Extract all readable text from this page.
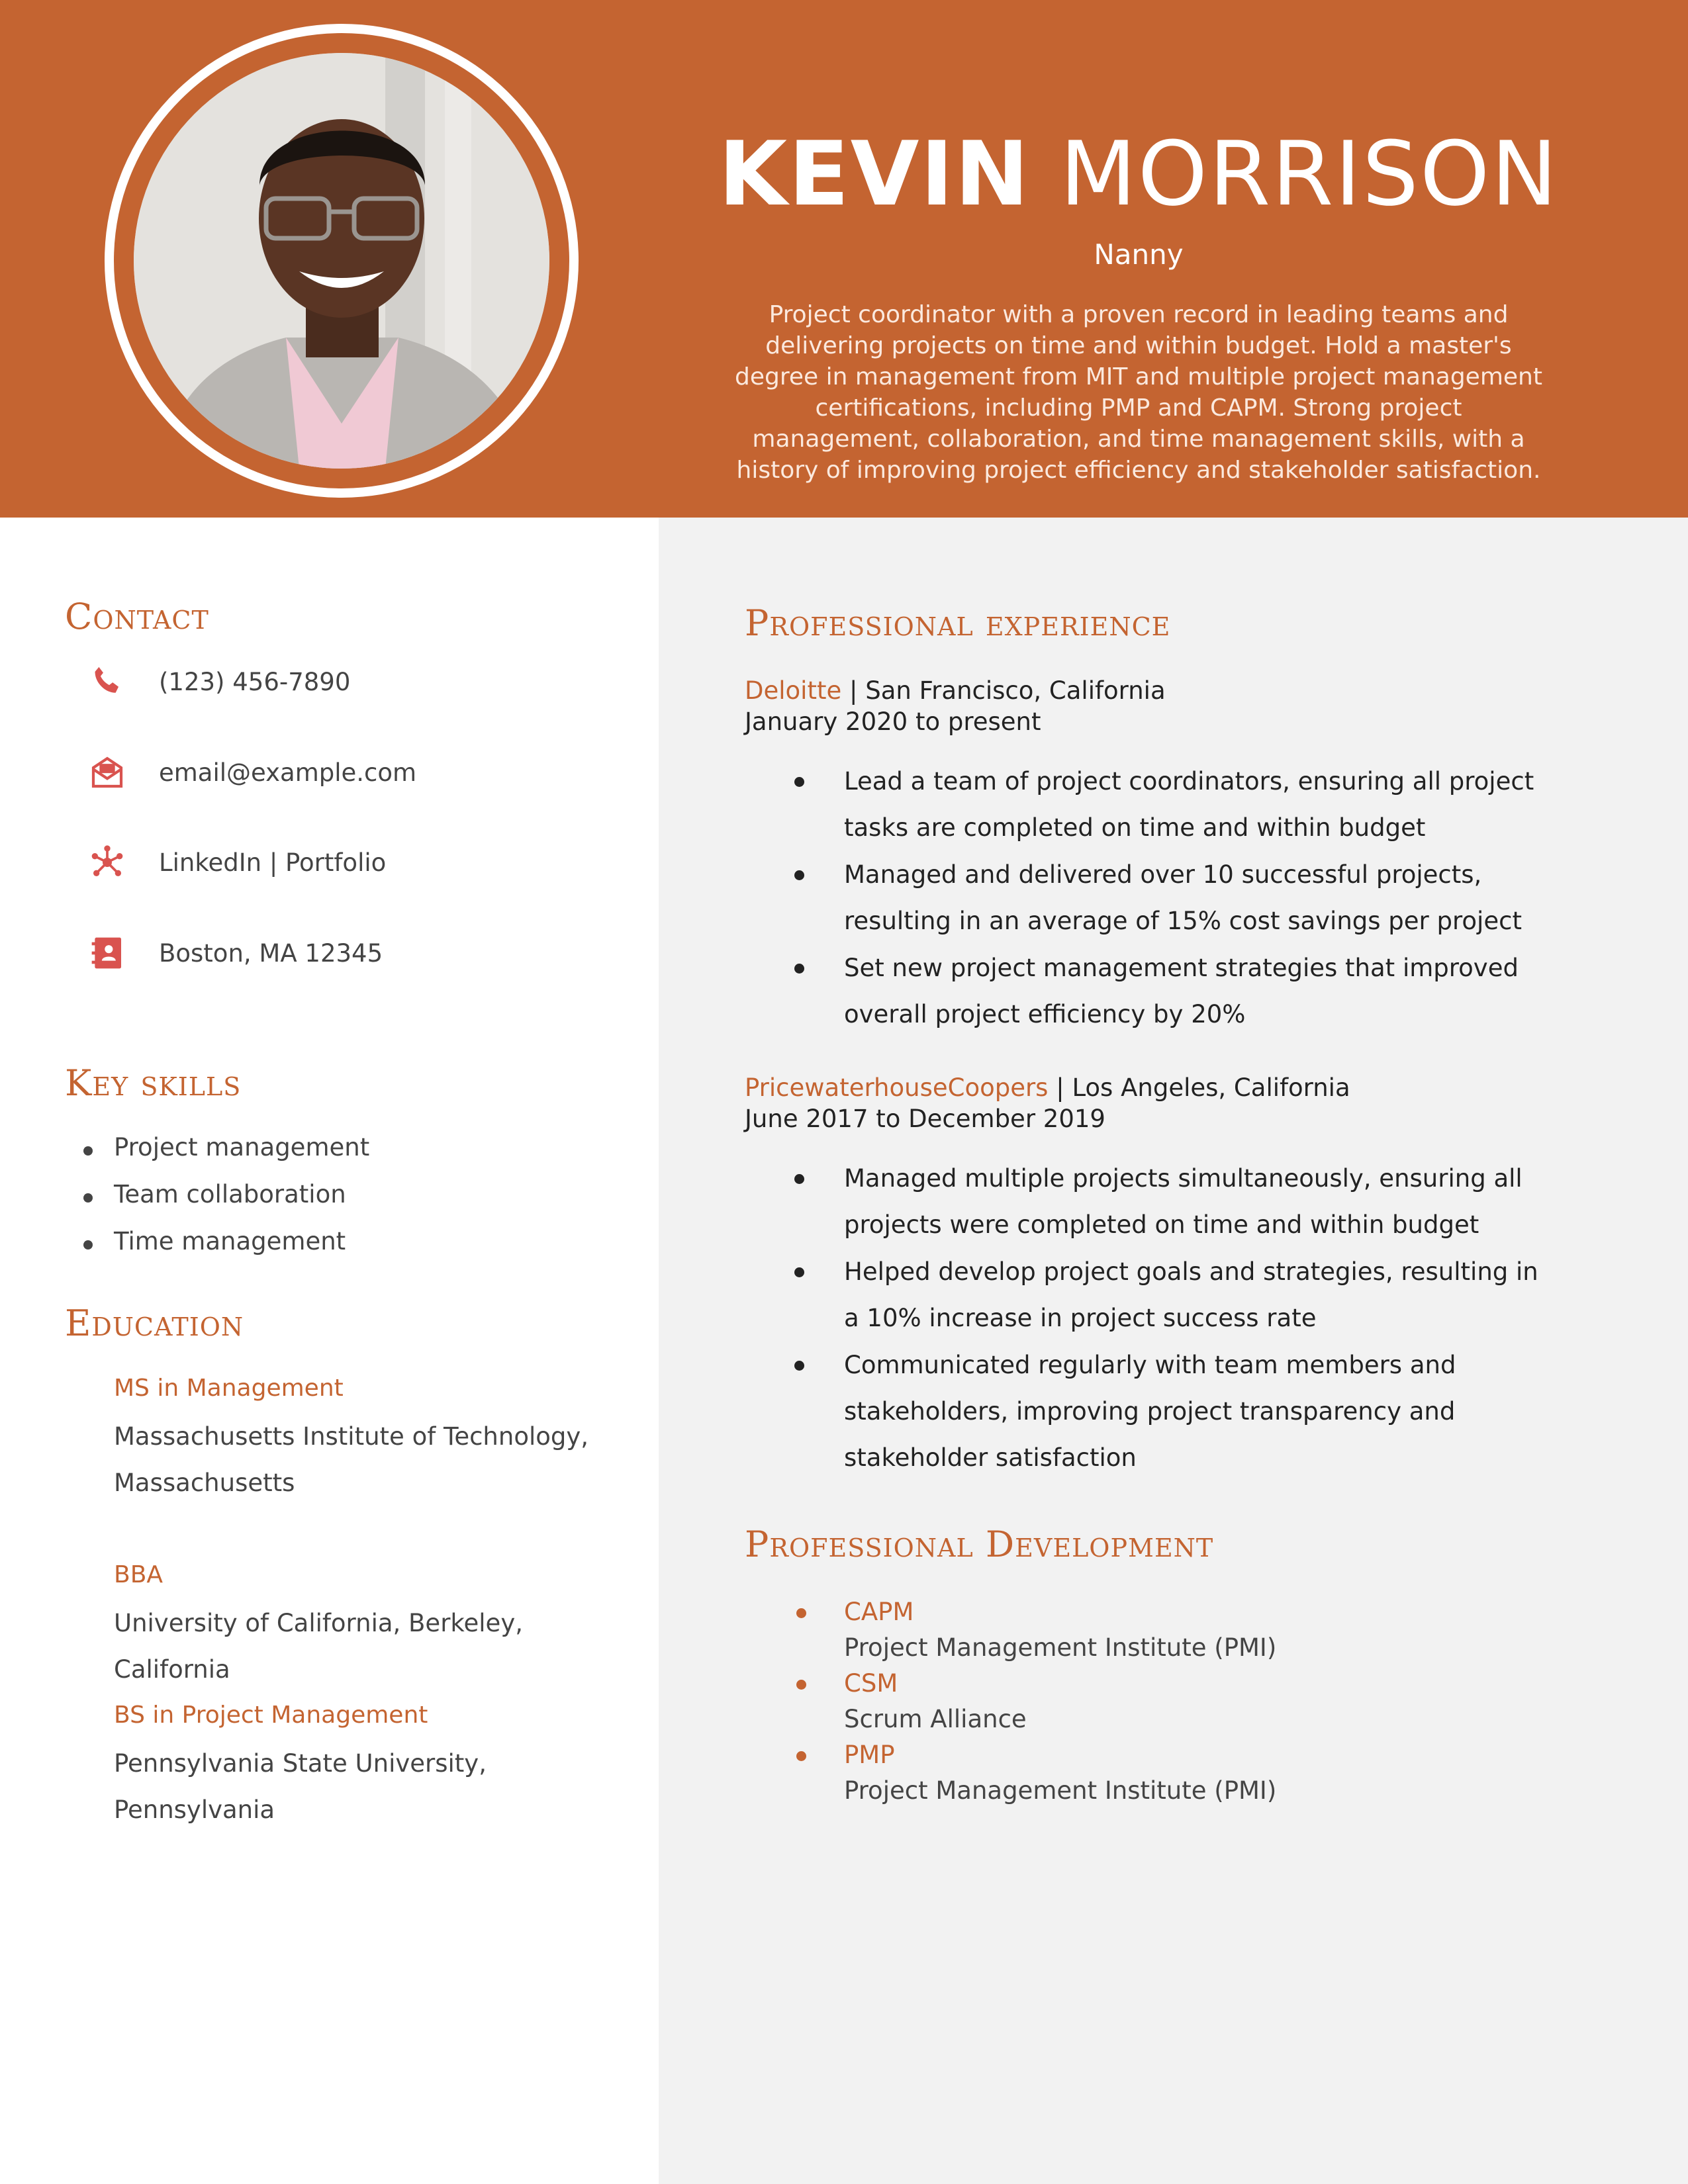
KEVIN MORRISON
Nanny
Project coordinator with a proven record in leading teams and delivering projects on time and within budget. Hold a master's degree in management from MIT and multiple project management certifications, including PMP and CAPM. Strong project management, collaboration, and time management skills, with a history of improving project efficiency and stakeholder satisfaction.
Contact
(123) 456-7890
email@example.com
LinkedIn | Portfolio
Boston, MA 12345
Key skills
Project management
Team collaboration
Time management
Education
MS in Management
Massachusetts Institute of Technology, Massachusetts
BBA
University of California, Berkeley, California
BS in Project Management
Pennsylvania State University, Pennsylvania
Professional experience
Deloitte | San Francisco, California
January 2020 to present
Lead a team of project coordinators, ensuring all project tasks are completed on time and within budget
Managed and delivered over 10 successful projects, resulting in an average of 15% cost savings per project
Set new project management strategies that improved overall project efficiency by 20%
PricewaterhouseCoopers | Los Angeles, California
June 2017 to December 2019
Managed multiple projects simultaneously, ensuring all projects were completed on time and within budget
Helped develop project goals and strategies, resulting in a 10% increase in project success rate
Communicated regularly with team members and stakeholders, improving project transparency and stakeholder satisfaction
Professional Development
CAPM
Project Management Institute (PMI)
CSM
Scrum Alliance
PMP
Project Management Institute (PMI)
